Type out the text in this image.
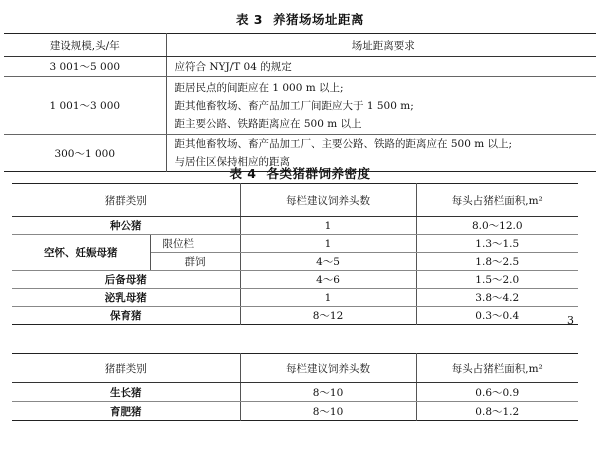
表 3 养猪场场址距离
建设规模,头/年	场址距离要求
3 001～5 000	应符合 NYJ/T 04 的规定

1 001～3 000	距居民点的间距应在 1 000 m 以上;
距其他畜牧场、畜产品加工厂间距应大于 1 500 m;
距主要公路、铁路距离应在 500 m 以上

300～1 000	距其他畜牧场、畜产品加工厂、主要公路、铁路的距离应在 500 m 以上;
与居住区保持相应的距离
表 4 各类猪群饲养密度
猪群类别		每栏建议饲养头数	每头占猪栏面积,m²
种公猪		1	8.0～12.0
空怀、妊娠母猪	限位栏	1	1.3～1.5
	群饲	4～5	1.8～2.5
后备母猪		4～6	1.5～2.0
泌乳母猪		1	3.8～4.2
保育猪		8～12	0.3～0.4	3
猪群类别	每栏建议饲养头数	每头占猪栏面积,m²
生长猪	8～10	0.6～0.9
育肥猪	8～10	0.8～1.2
